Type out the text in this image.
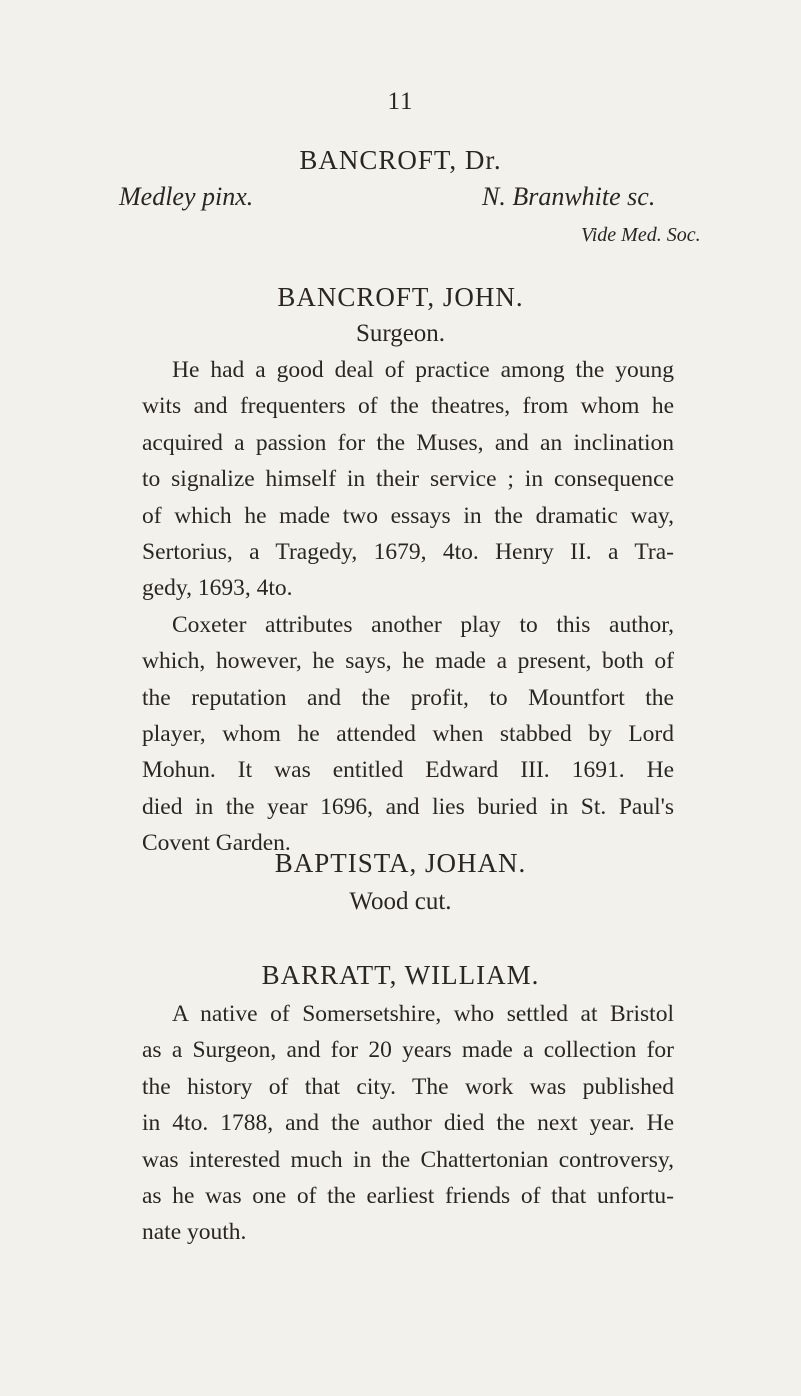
11
BANCROFT, Dr.
Medley pinx.	N. Branwhite sc.
Vide Med. Soc.
BANCROFT, JOHN.
Surgeon.
He had a good deal of practice among the young
wits and frequenters of the theatres, from whom he
acquired a passion for the Muses, and an inclination
to signalize himself in their service ; in consequence
of which he made two essays in the dramatic way,
Sertorius, a Tragedy, 1679, 4to. Henry II. a Tra-
gedy, 1693, 4to.
Coxeter attributes another play to this author,
which, however, he says, he made a present, both of
the reputation and the profit, to Mountfort the
player, whom he attended when stabbed by Lord
Mohun. It was entitled Edward III. 1691. He
died in the year 1696, and lies buried in St. Paul's
Covent Garden.
BAPTISTA, JOHAN.
Wood cut.
BARRATT, WILLIAM.
A native of Somersetshire, who settled at Bristol
as a Surgeon, and for 20 years made a collection for
the history of that city. The work was published
in 4to. 1788, and the author died the next year. He
was interested much in the Chattertonian controversy,
as he was one of the earliest friends of that unfortu-
nate youth.
